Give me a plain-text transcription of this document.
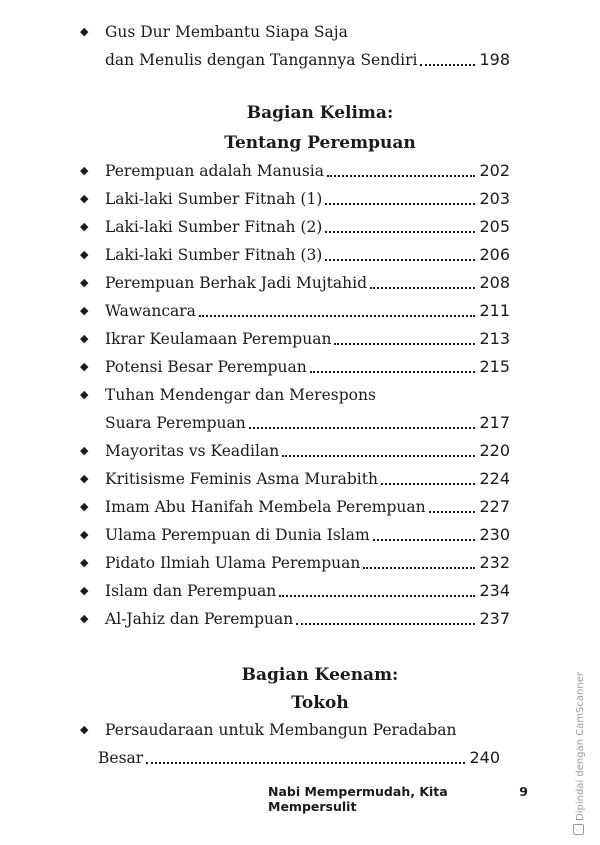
◆	Gus Dur Membantu Siapa Saja
dan Menulis dengan Tangannya Sendiri	198
Bagian Kelima:
Tentang Perempuan
◆	Perempuan adalah Manusia	202
◆	Laki-laki Sumber Fitnah (1)	203
◆	Laki-laki Sumber Fitnah (2)	205
◆	Laki-laki Sumber Fitnah (3)	206
◆	Perempuan Berhak Jadi Mujtahid	208
◆	Wawancara	211
◆	Ikrar Keulamaan Perempuan	213
◆	Potensi Besar Perempuan	215
◆	Tuhan Mendengar dan Merespons
Suara Perempuan	217
◆	Mayoritas vs Keadilan	220
◆	Kritisisme Feminis Asma Murabith	224
◆	Imam Abu Hanifah Membela Perempuan	227
◆	Ulama Perempuan di Dunia Islam	230
◆	Pidato Ilmiah Ulama Perempuan	232
◆	Islam dan Perempuan	234
◆	Al-Jahiz dan Perempuan	237
Bagian Keenam:
Tokoh
◆	Persaudaraan untuk Membangun Peradaban
Besar	240
Nabi Mempermudah, Kita Mempersulit
9	Dipindai dengan CamScanner
